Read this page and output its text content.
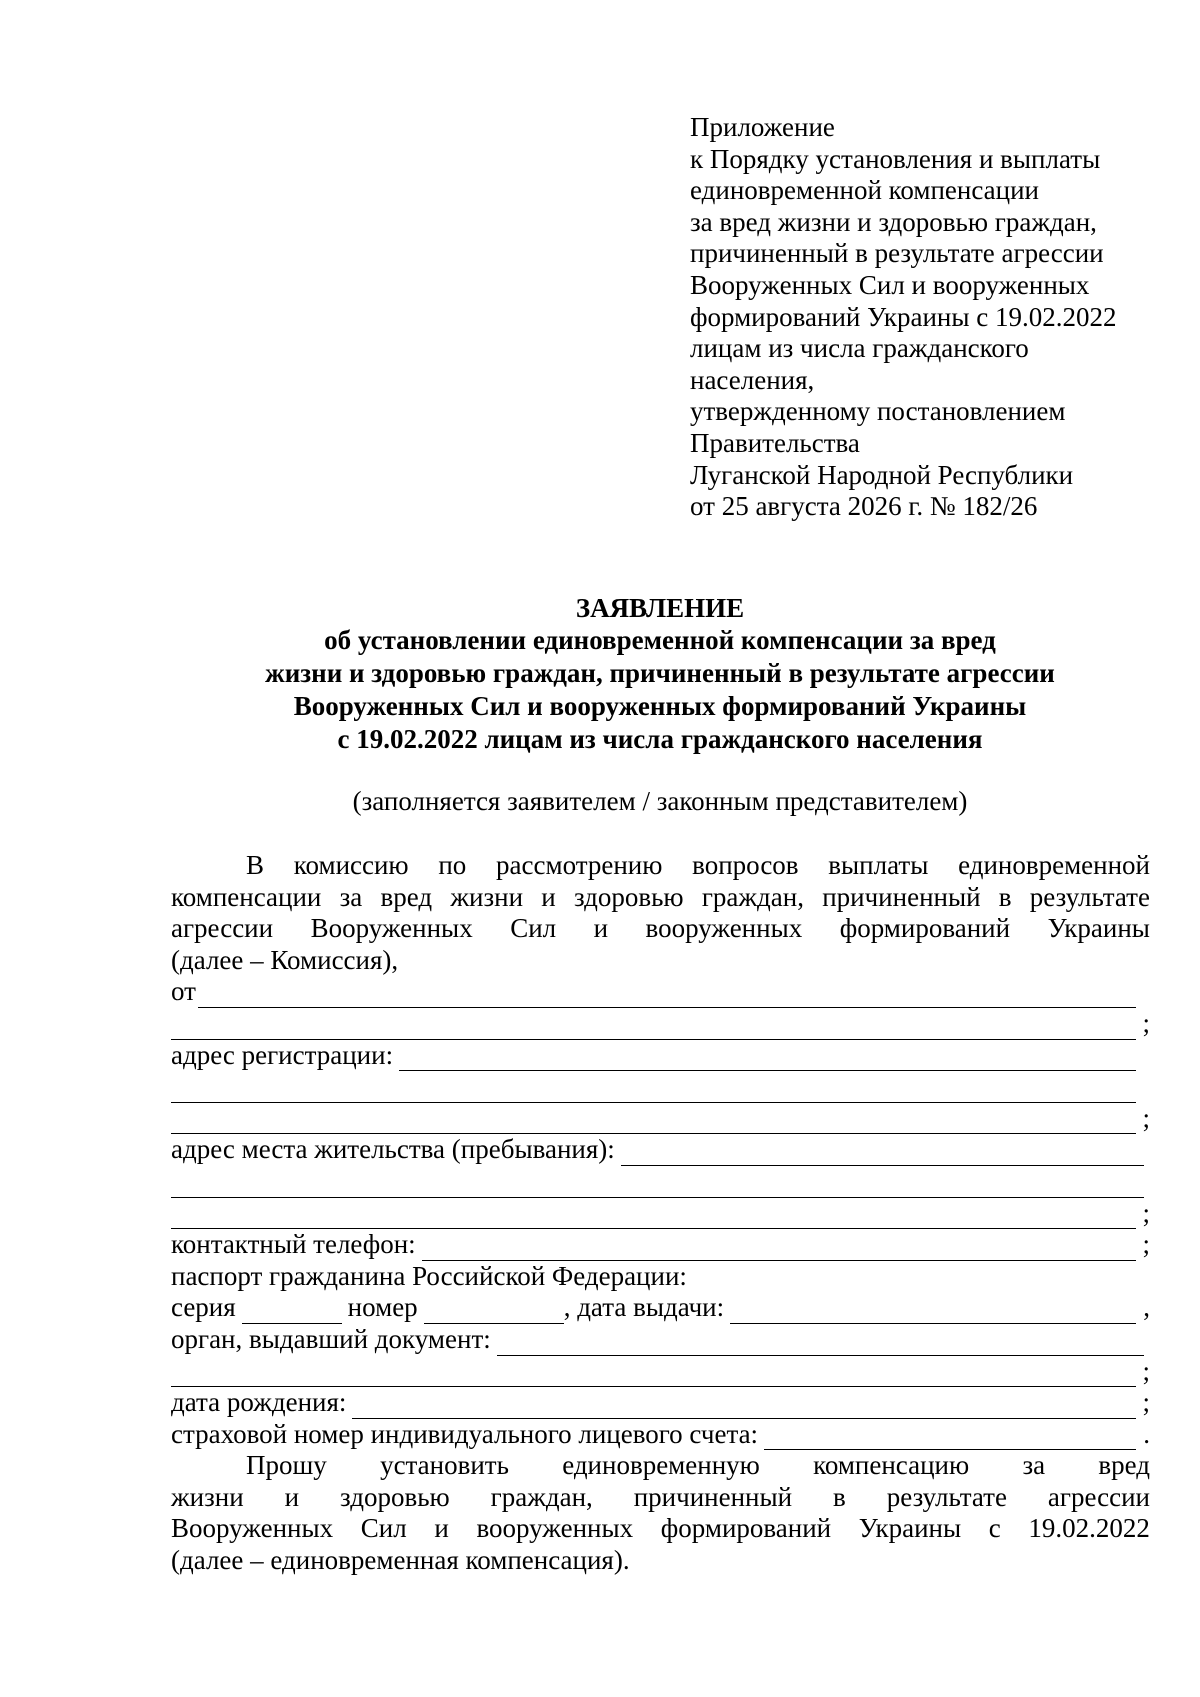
Приложение
к Порядку установления и выплаты
единовременной компенсации
за вред жизни и здоровью граждан,
причиненный в результате агрессии
Вооруженных Сил и вооруженных
формирований Украины с 19.02.2022
лицам из числа гражданского
населения,
утвержденному постановлением
Правительства
Луганской Народной Республики
от 25 августа 2026 г. № 182/26
ЗАЯВЛЕНИЕ
об установлении единовременной компенсации за вред
жизни и здоровью граждан, причиненный в результате агрессии
Вооруженных Сил и вооруженных формирований Украины
с 19.02.2022 лицам из числа гражданского населения
(заполняется заявителем / законным представителем)
В комиссию по рассмотрению вопросов выплаты единовременной
компенсации за вред жизни и здоровью граждан, причиненный в результате
агрессии Вооруженных Сил и вооруженных формирований Украины
(далее – Комиссия),
от
;
адрес регистрации:
;
адрес места жительства (пребывания):
;
контактный телефон:	;
паспорт гражданина Российской Федерации:
серия	номер	, дата выдачи:	,
орган, выдавший документ:
;
дата рождения:	;
страховой номер индивидуального лицевого счета:	.
Прошу установить единовременную компенсацию за вред
жизни и здоровью граждан, причиненный в результате агрессии
Вооруженных Сил и вооруженных формирований Украины с 19.02.2022
(далее – единовременная компенсация).
